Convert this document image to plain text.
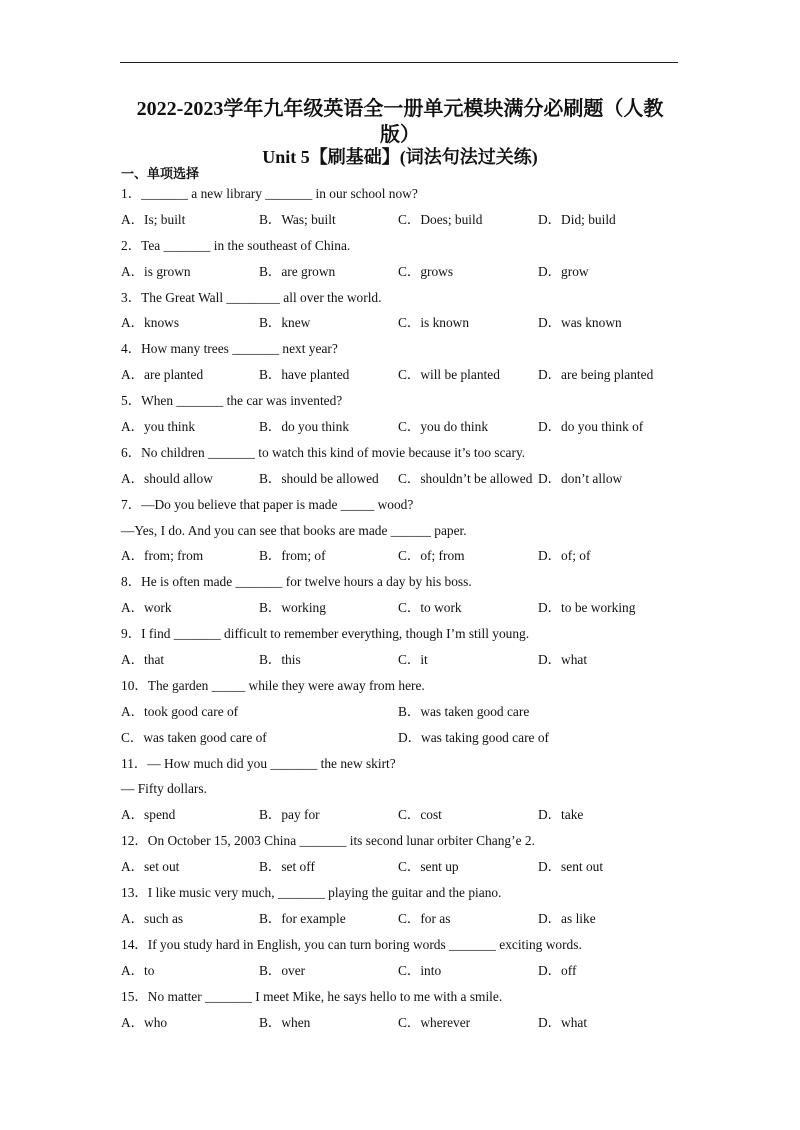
2022-2023学年九年级英语全一册单元模块满分必刷题（人教
版）
Unit 5【刷基础】(词法句法过关练)
一、单项选择
1．_______ a new library _______ in our school now?
A．Is; built	B．Was; built	C．Does; build	D．Did; build
2．Tea _______ in the southeast of China.
A．is grown	B．are grown	C．grows	D．grow
3．The Great Wall ________ all over the world.
A．knows	B．knew	C．is known	D．was known
4．How many trees _______ next year?
A．are planted	B．have planted	C．will be planted	D．are being planted
5．When _______ the car was invented?
A．you think	B．do you think	C．you do think	D．do you think of
6．No children _______ to watch this kind of movie because it’s too scary.
A．should allow	B．should be allowed C．shouldn’t be allowed D．don’t allow
7．—Do you believe that paper is made _____ wood?
—Yes, I do. And you can see that books are made ______ paper.
A．from; from	B．from; of	C．of; from	D．of; of
8．He is often made _______ for twelve hours a day by his boss.
A．work	B．working	C．to work	D．to be working
9．I find _______ difficult to remember everything, though I’m still young.
A．that	B．this	C．it	D．what
10．The garden _____ while they were away from here.
A．took good care of	B．was taken good care
C．was taken good care of	D．was taking good care of
11．— How much did you _______ the new skirt?
— Fifty dollars.
A．spend	B．pay for	C．cost	D．take
12．On October 15, 2003 China _______ its second lunar orbiter Chang’e 2.
A．set out	B．set off	C．sent up	D．sent out
13．I like music very much, _______ playing the guitar and the piano.
A．such as	B．for example	C．for as	D．as like
14．If you study hard in English, you can turn boring words _______ exciting words.
A．to	B．over	C．into	D．off
15．No matter _______ I meet Mike, he says hello to me with a smile.
A．who	B．when	C．wherever	D．what
